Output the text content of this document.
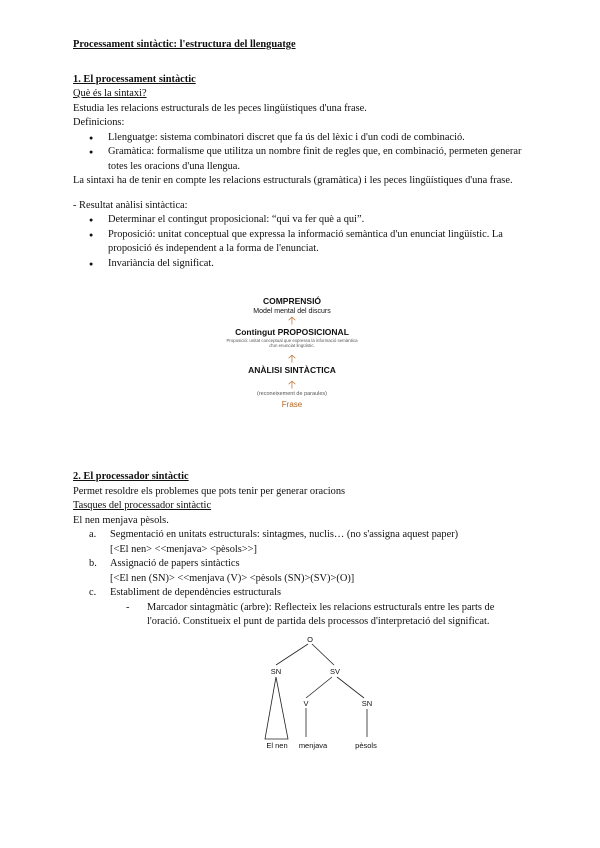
Processament sintàctic: l'estructura del llenguatge

1. El processament sintàctic

Què és la sintaxi?

Estudia les relacions estructurals de les peces lingüístiques d'una frase.

Definicions:

● Llenguatge: sistema combinatori discret que fa ús del lèxic i d'un codi de combinació.
● Gramàtica: formalisme que utilitza un nombre finit de regles que, en combinació, permeten generar totes les oracions d'una llengua.

La sintaxi ha de tenir en compte les relacions estructurals (gramàtica) i les peces lingüístiques d'una frase.

- Resultat anàlisi sintàctica:

● Determinar el contingut proposicional: “qui va fer què a qui”.
● Proposició: unitat conceptual que expressa la informació semàntica d'un enunciat lingüístic. La proposició és independent a la forma de l'enunciat.
● Invariància del significat.
COMPRENSIÓ
Model mental del discurs
🡡
Contingut PROPOSICIONAL
Proposició: unitat conceptual que expressa la informació semàntica d'un enunciat lingüístic.
🡡
ANÀLISI SINTÀCTICA
🡡
(reconeixement de paraules)
Frase

2. El processador sintàctic

Permet resoldre els problemes que pots tenir per generar oracions

Tasques del processador sintàctic

El nen menjava pèsols.

a. Segmentació en unitats estructurals: sintagmes, nuclis… (no s'assigna aquest paper)
[<El nen> <<menjava> <pèsols>>]
b. Assignació de papers sintàctics
[<El nen (SN)> <<menjava (V)> <pèsols (SN)>(SV)>(O)]
c. Establiment de dependències estructurals
- Marcador sintagmàtic (arbre): Reflecteix les relacions estructurals entre les parts de l'oració. Constitueix el punt de partida dels processos d'interpretació del significat.
O
SN	SV
V	SN
El nen menjava	pèsols
